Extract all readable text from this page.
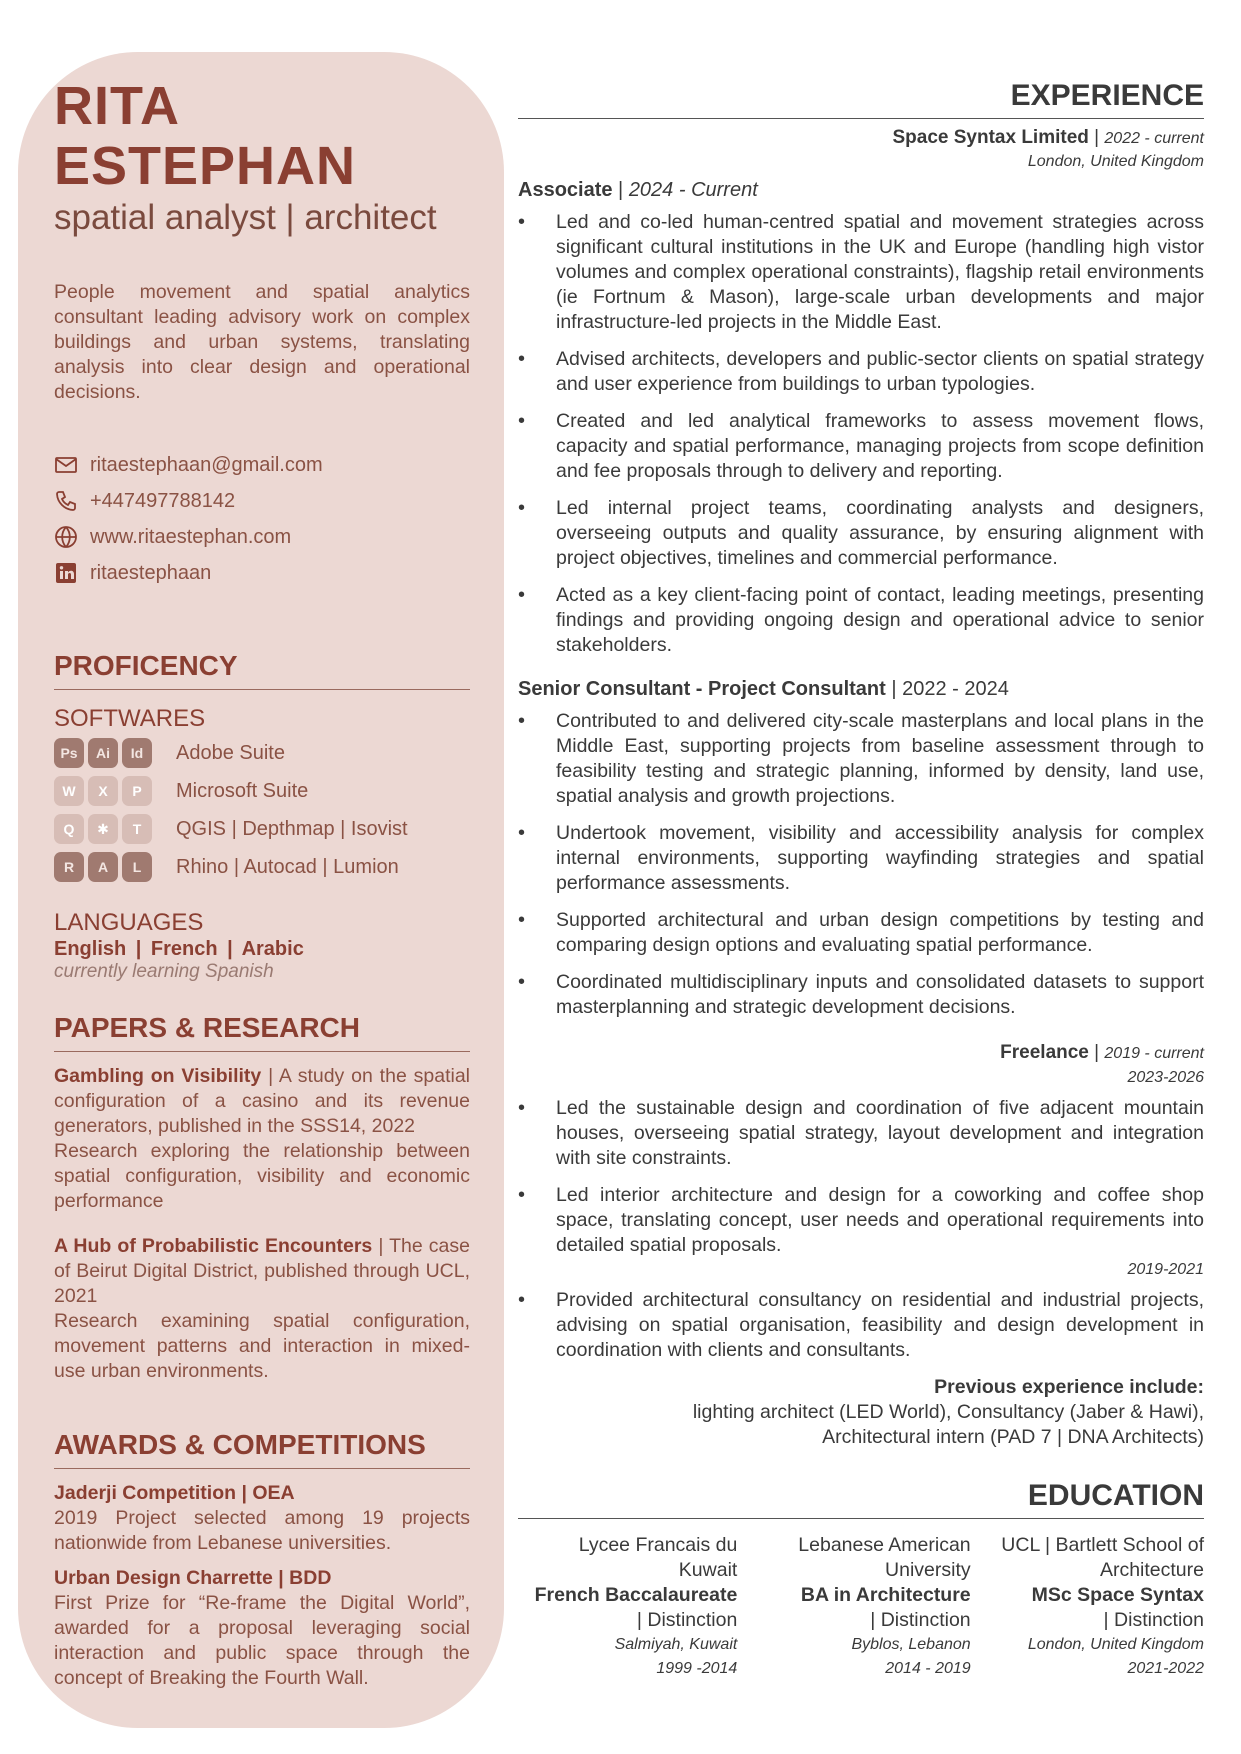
RITA ESTEPHAN
spatial analyst | architect
People movement and spatial analytics consultant leading advisory work on complex buildings and urban systems, translating analysis into clear design and operational decisions.
ritaestephaan@gmail.com
+447497788142
www.ritaestephan.com
ritaestephaan
PROFICENCY
SOFTWARES
Ps	Ai	Id	Adobe Suite
W	X	P	Microsoft Suite
Q	✱	T	QGIS | Depthmap | Isovist
R	A	L	Rhino | Autocad | Lumion
LANGUAGES
English | French | Arabic
currently learning Spanish
PAPERS & RESEARCH
Gambling on Visibility | A study on the spatial configuration of a casino and its revenue generators, published in the SSS14, 2022
Research exploring the relationship between spatial configuration, visibility and economic performance
A Hub of Probabilistic Encounters | The case of Beirut Digital District, published through UCL, 2021
Research examining spatial configuration, movement patterns and interaction in mixed-use urban environments.
AWARDS & COMPETITIONS
Jaderji Competition | OEA
2019 Project selected among 19 projects nationwide from Lebanese universities.
Urban Design Charrette | BDD
First Prize for “Re-frame the Digital World”, awarded for a proposal leveraging social interaction and public space through the concept of Breaking the Fourth Wall.
EXPERIENCE
Space Syntax Limited | 2022 - current
London, United Kingdom
Associate | 2024 - Current
• Led and co-led human-centred spatial and movement strategies across significant cultural institutions in the UK and Europe (handling high vistor volumes and complex operational constraints), flagship retail environments (ie Fortnum & Mason), large-scale urban developments and major infrastructure-led projects in the Middle East.
• Advised architects, developers and public-sector clients on spatial strategy and user experience from buildings to urban typologies.
• Created and led analytical frameworks to assess movement flows, capacity and spatial performance, managing projects from scope definition and fee proposals through to delivery and reporting.
• Led internal project teams, coordinating analysts and designers, overseeing outputs and quality assurance, by ensuring alignment with project objectives, timelines and commercial performance.
• Acted as a key client-facing point of contact, leading meetings, presenting findings and providing ongoing design and operational advice to senior stakeholders.
Senior Consultant - Project Consultant | 2022 - 2024
• Contributed to and delivered city-scale masterplans and local plans in the Middle East, supporting projects from baseline assessment through to feasibility testing and strategic planning, informed by density, land use, spatial analysis and growth projections.
• Undertook movement, visibility and accessibility analysis for complex internal environments, supporting wayfinding strategies and spatial performance assessments.
• Supported architectural and urban design competitions by testing and comparing design options and evaluating spatial performance.
• Coordinated multidisciplinary inputs and consolidated datasets to support masterplanning and strategic development decisions.
Freelance | 2019 - current
2023-2026
• Led the sustainable design and coordination of five adjacent mountain houses, overseeing spatial strategy, layout development and integration with site constraints.
• Led interior architecture and design for a coworking and coffee shop space, translating concept, user needs and operational requirements into detailed spatial proposals.
2019-2021
• Provided architectural consultancy on residential and industrial projects, advising on spatial organisation, feasibility and design development in coordination with clients and consultants.
Previous experience include:
lighting architect (LED World), Consultancy (Jaber & Hawi),
Architectural intern (PAD 7 | DNA Architects)
EDUCATION
Lycee Francais du Kuwait
French Baccalaureate
| Distinction
Salmiyah, Kuwait
1999 -2014
Lebanese American University
BA in Architecture
| Distinction
Byblos, Lebanon
2014 - 2019
UCL | Bartlett School of Architecture
MSc Space Syntax
| Distinction
London, United Kingdom
2021-2022
